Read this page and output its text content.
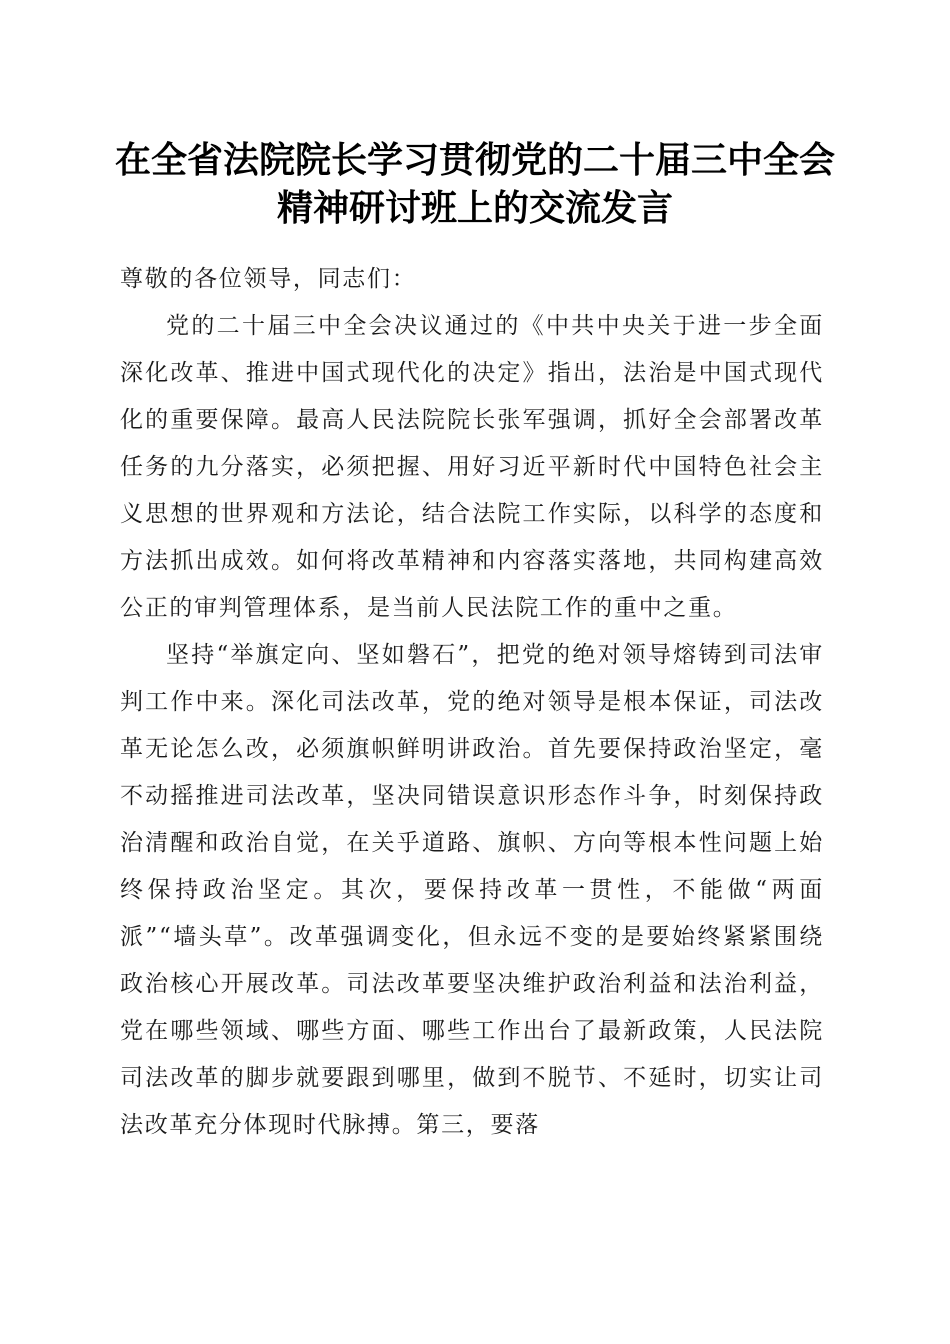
在全省法院院长学习贯彻党的二十届三中全会
精神研讨班上的交流发言

尊敬的各位领导，同志们：

党的二十届三中全会决议通过的《中共中央关于进一步全面深化改革、推进中国式现代化的决定》指出，法治是中国式现代化的重要保障。最高人民法院院长张军强调，抓好全会部署改革任务的九分落实，必须把握、用好习近平新时代中国特色社会主义思想的世界观和方法论，结合法院工作实际，以科学的态度和方法抓出成效。如何将改革精神和内容落实落地，共同构建高效公正的审判管理体系，是当前人民法院工作的重中之重。

坚持“举旗定向、坚如磐石”，把党的绝对领导熔铸到司法审判工作中来。深化司法改革，党的绝对领导是根本保证，司法改革无论怎么改，必须旗帜鲜明讲政治。首先要保持政治坚定，毫不动摇推进司法改革，坚决同错误意识形态作斗争，时刻保持政治清醒和政治自觉，在关乎道路、旗帜、方向等根本性问题上始终保持政治坚定。其次，要保持改革一贯性，不能做“两面派”“墙头草”。改革强调变化，但永远不变的是要始终紧紧围绕政治核心开展改革。司法改革要坚决维护政治利益和法治利益，党在哪些领域、哪些方面、哪些工作出台了最新政策，人民法院司法改革的脚步就要跟到哪里，做到不脱节、不延时，切实让司法改革充分体现时代脉搏。第三，要落
